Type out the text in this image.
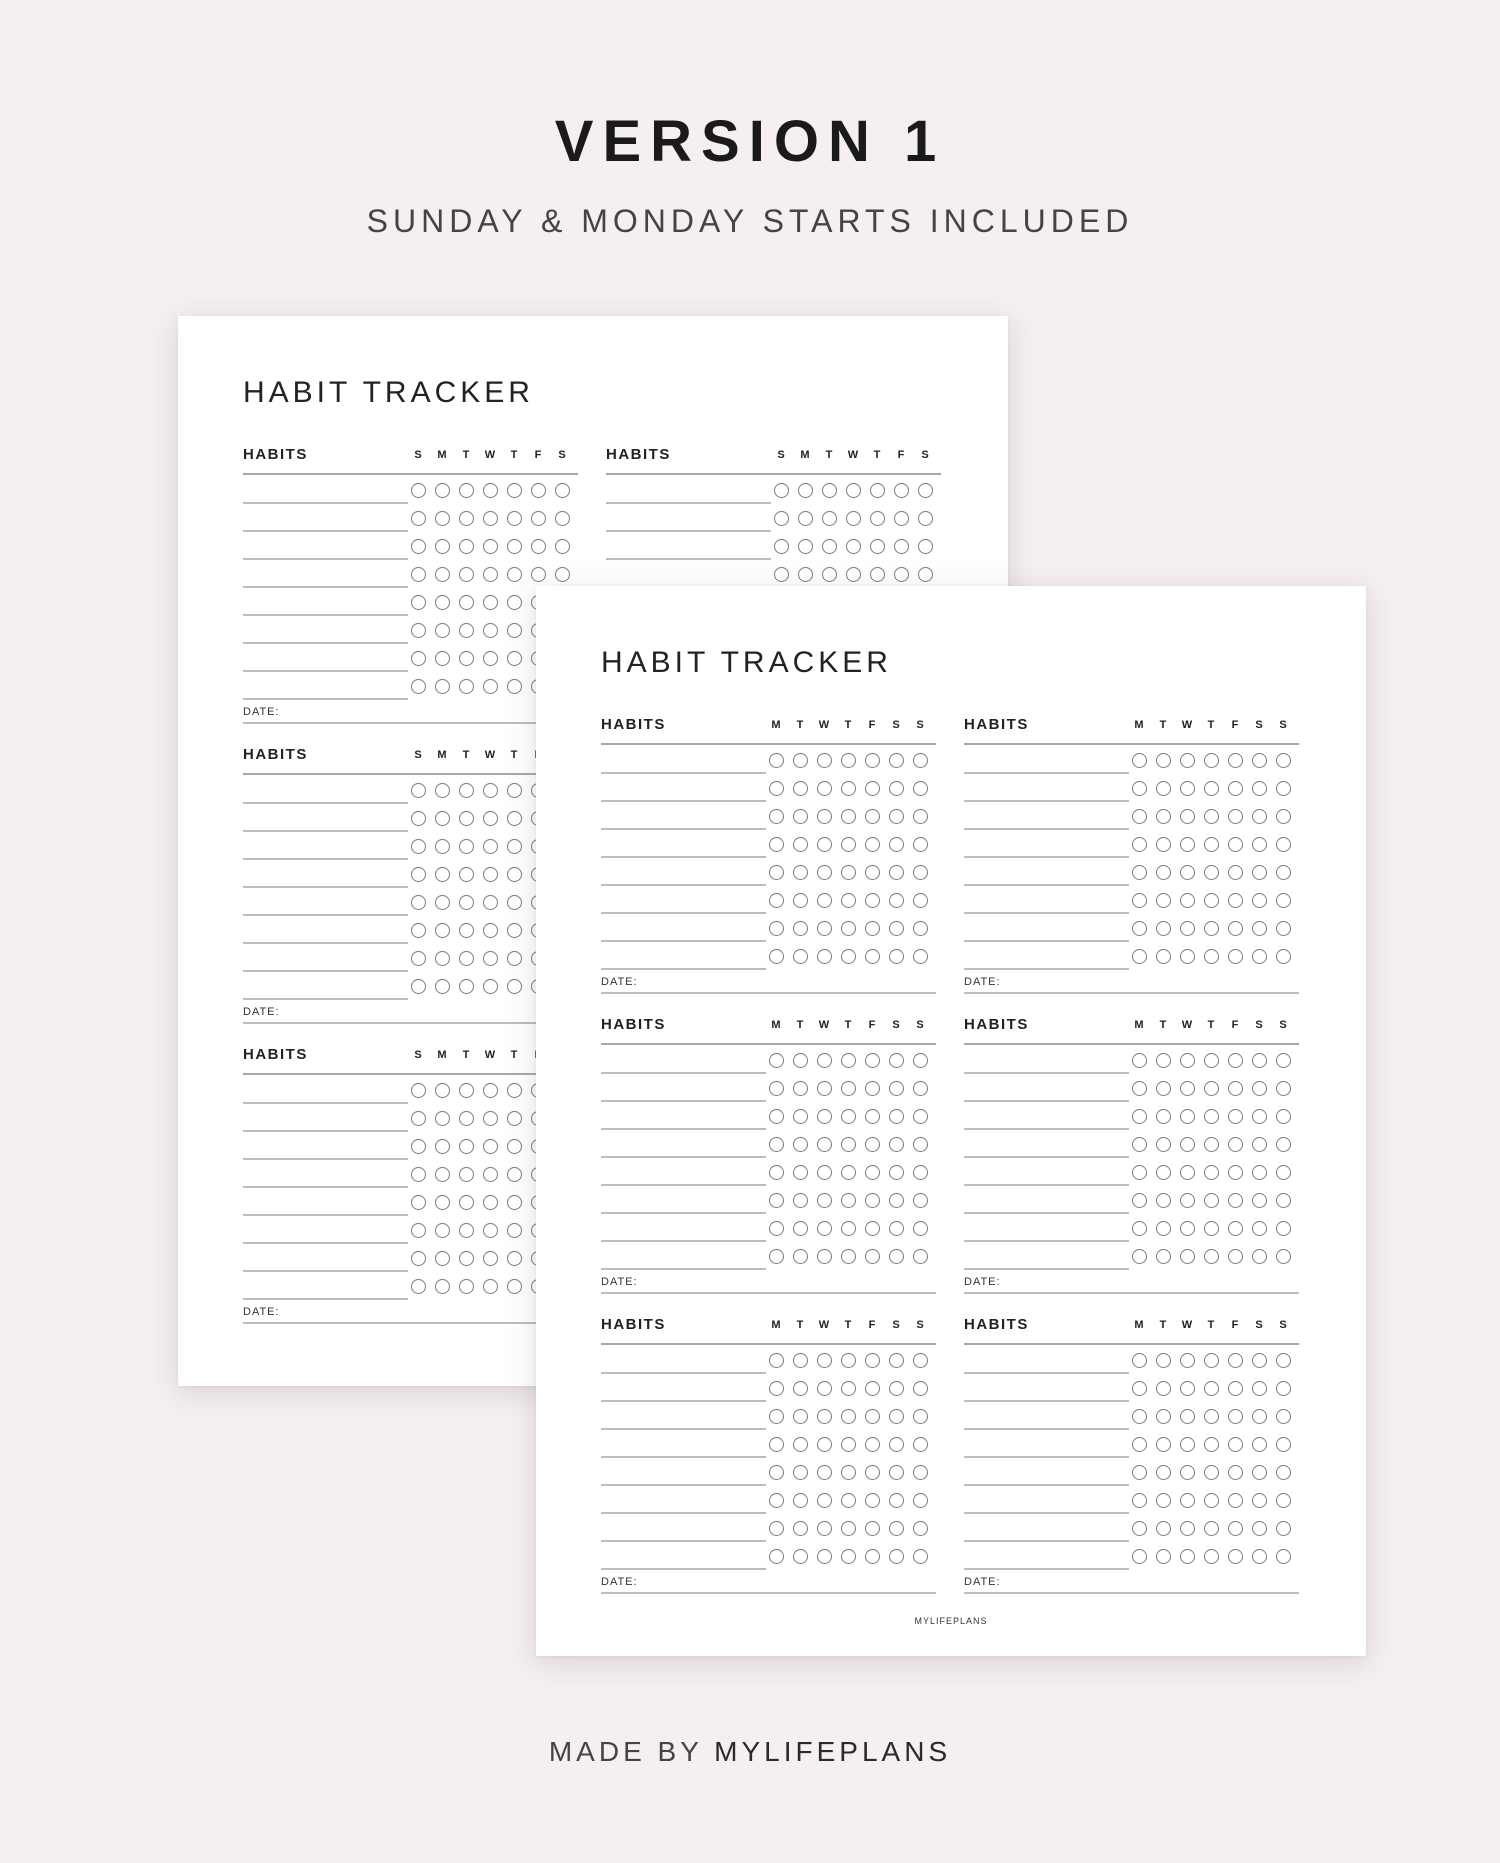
VERSION 1
SUNDAY & MONDAY STARTS INCLUDED
HABIT TRACKER
HABITS	S	M	T	W	T	F	S
DATE:
HABITS	S	M	T	W	T	F	S
HABITS	S	M	T	W	T
DATE:
HABITS	S	M	T	W	T
DATE:
HABIT TRACKER
HABITS	M	T	W	T	F	S	S
DATE:
HABITS	M	T	W	T	F	S	S
DATE:
HABITS	M	T	W	T	F	S	S
DATE:
HABITS	M	T	W	T	F	S	S
DATE:
HABITS	M	T	W	T	F	S	S
DATE:
HABITS	M	T	W	T	F	S	S
DATE:
MYLIFEPLANS
MADE BY MYLIFEPLANS
